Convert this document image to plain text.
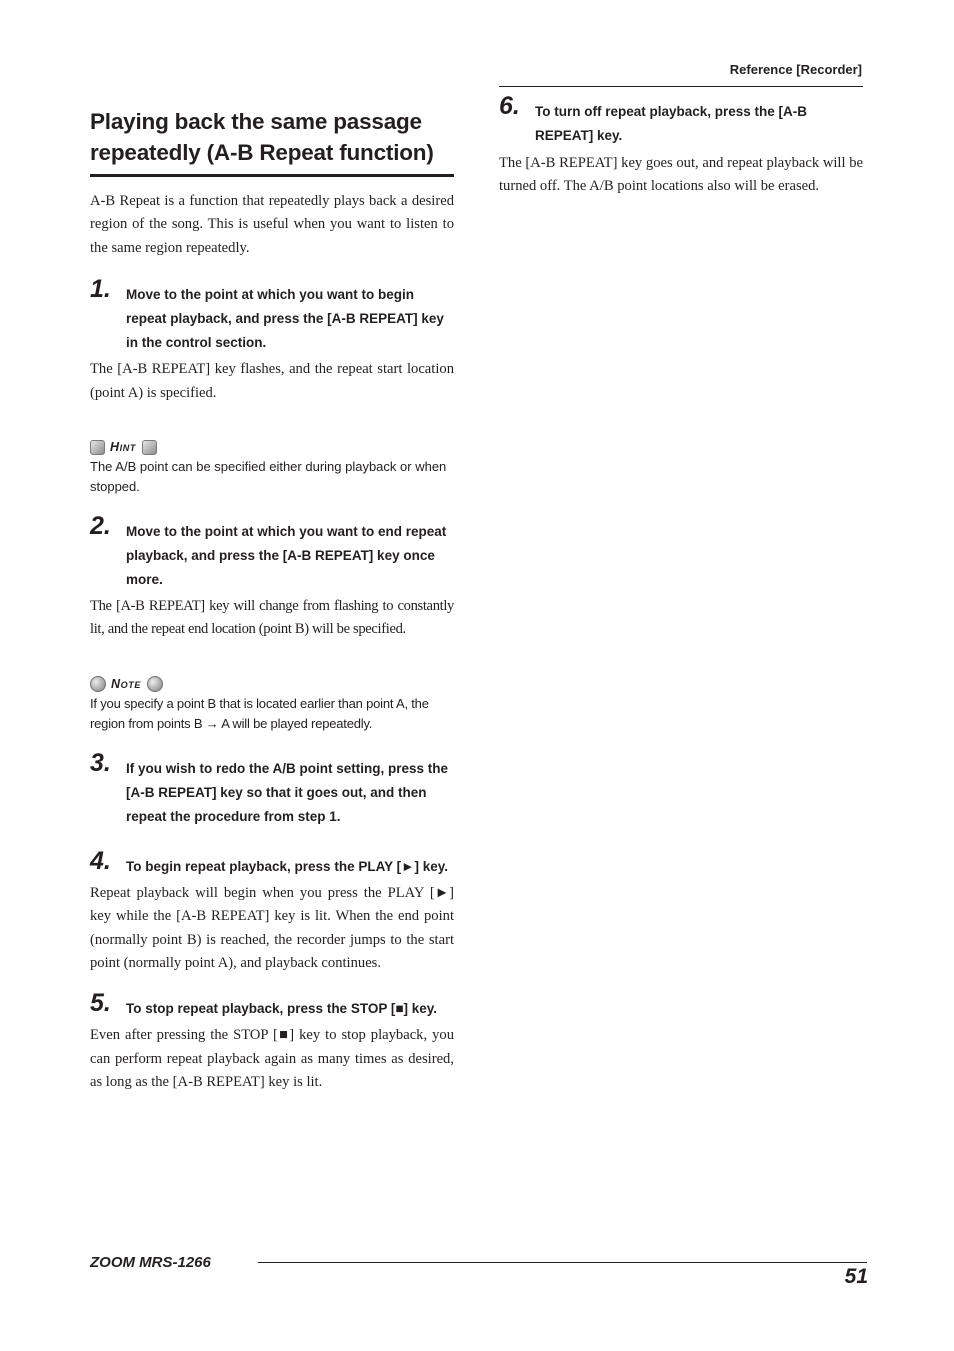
Reference [Recorder]
Playing back the same passage
repeatedly (A-B Repeat function)

A-B Repeat is a function that repeatedly plays back a desired region of the song. This is useful when you want to listen to the same region repeatedly.

1.	Move to the point at which you want to begin repeat playback, and press the [A-B REPEAT] key in the control section.

The [A-B REPEAT] key flashes, and the repeat start location (point A) is specified.

Hint

The A/B point can be specified either during playback or when stopped.

2.	Move to the point at which you want to end repeat playback, and press the [A-B REPEAT] key once more.

The [A-B REPEAT] key will change from flashing to constantly lit, and the repeat end location (point B) will be specified.

Note

If you specify a point B that is located earlier than point A, the region from points B → A will be played repeatedly.

3.	If you wish to redo the A/B point setting, press the [A-B REPEAT] key so that it goes out, and then repeat the procedure from step 1.
4.	To begin repeat playback, press the PLAY [►] key.

Repeat playback will begin when you press the PLAY [►] key while the [A-B REPEAT] key is lit. When the end point (normally point B) is reached, the recorder jumps to the start point (normally point A), and playback continues.

5.	To stop repeat playback, press the STOP [■] key.

Even after pressing the STOP [■] key to stop playback, you can perform repeat playback again as many times as desired, as long as the [A-B REPEAT] key is lit.

6.	To turn off repeat playback, press the [A-B REPEAT] key.

The [A-B REPEAT] key goes out, and repeat playback will be turned off. The A/B point locations also will be erased.

ZOOM MRS-1266
51
